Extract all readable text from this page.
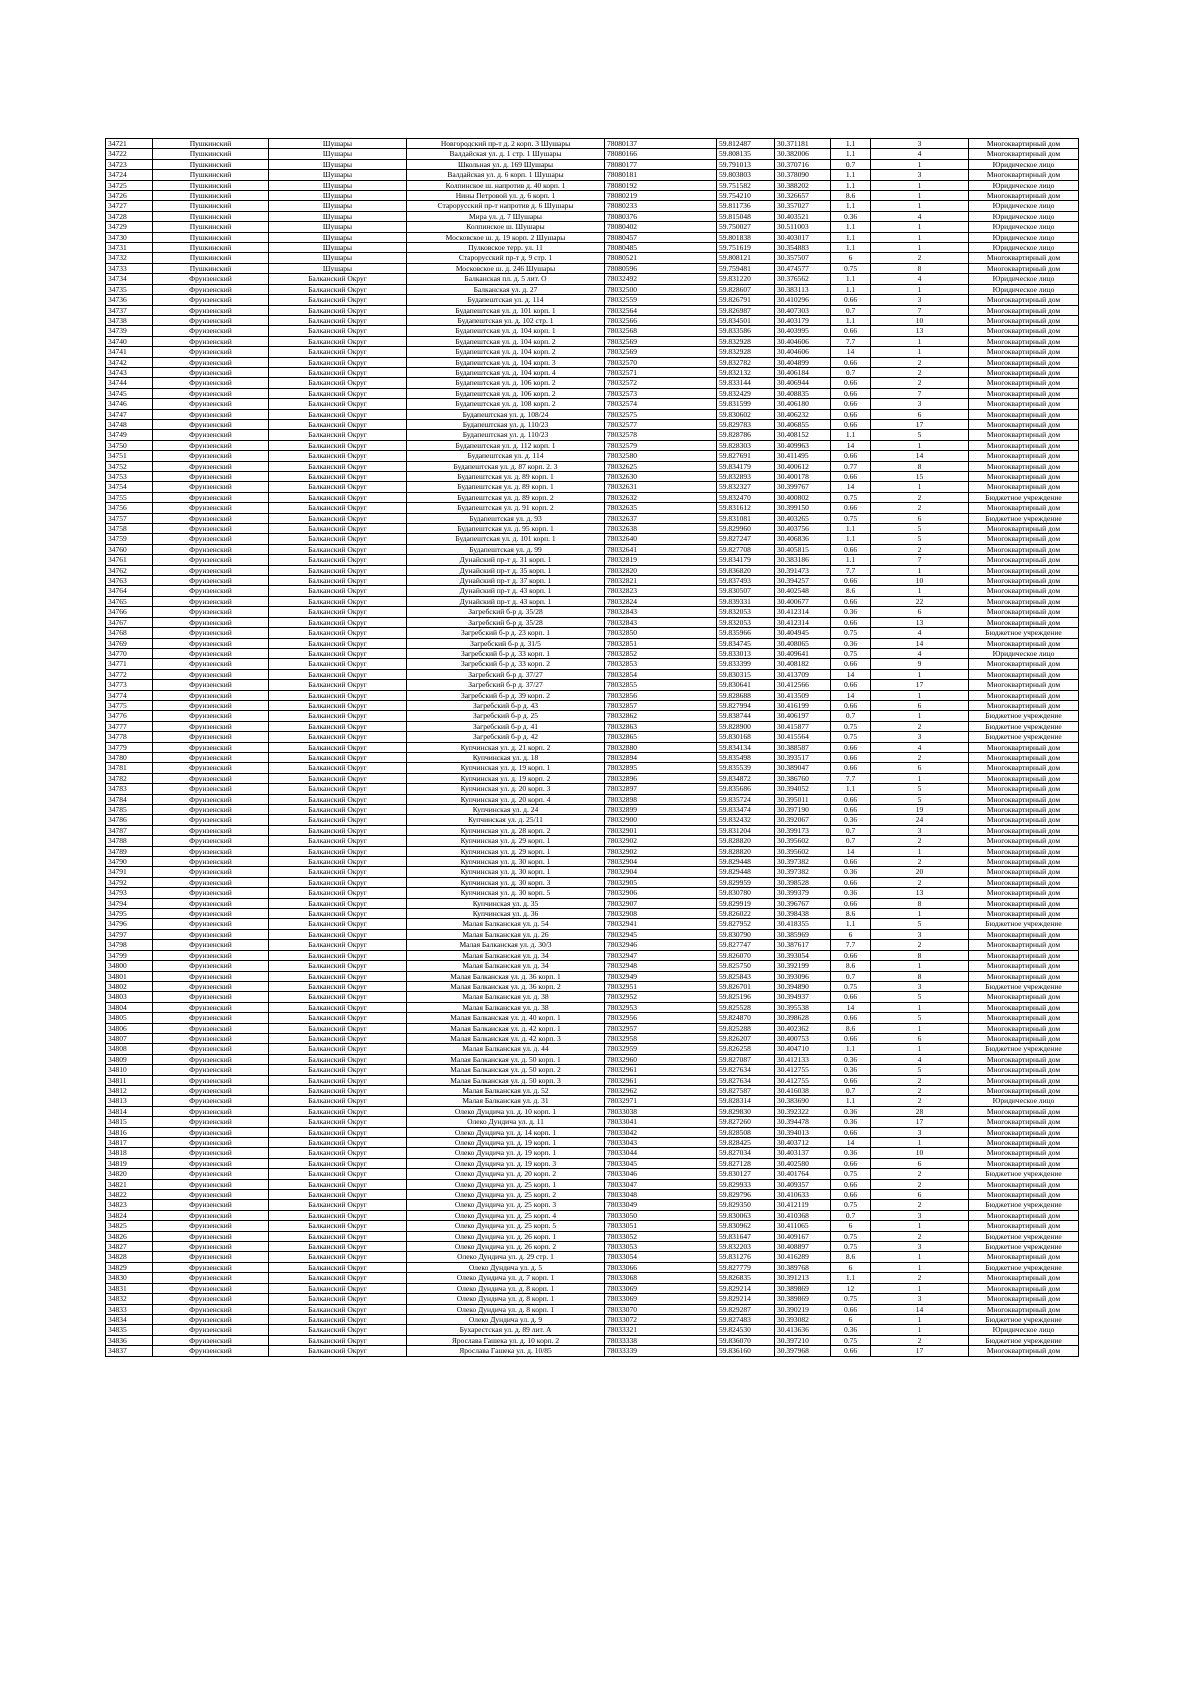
34721	Пушкинский	Шушары	Новгородский пр-т д. 2 корп. 3 Шушары	78080137	59.812487	30.371181	1.1	3	Многоквартирный дом
34722	Пушкинский	Шушары	Валдайская ул. д. 1 стр. 1 Шушары	78080166	59.808135	30.382006	1.1	4	Многоквартирный дом
34723	Пушкинский	Шушары	Школьная ул. д. 169 Шушары	78080177	59.791013	30.370716	0.7	1	Юридическое лицо
34724	Пушкинский	Шушары	Валдайская ул. д. 6 корп. 1 Шушары	78080181	59.803803	30.378090	1.1	3	Многоквартирный дом
34725	Пушкинский	Шушары	Колпинское ш. напротив д. 40 корп. 1	78080192	59.751582	30.388202	1.1	1	Юридическое лицо
34726	Пушкинский	Шушары	Нины Петровой ул. д. 6 корп. 1	78080219	59.754210	30.326657	8.6	1	Многоквартирный дом
34727	Пушкинский	Шушары	Старорусский пр-т напротив д. 6 Шушары	78080233	59.811736	30.357027	1.1	1	Юридическое лицо
34728	Пушкинский	Шушары	Мира ул. д. 7 Шушары	78080376	59.815048	30.403521	0.36	4	Юридическое лицо
34729	Пушкинский	Шушары	Колпинское ш. Шушары	78080402	59.750027	30.511003	1.1	1	Юридическое лицо
34730	Пушкинский	Шушары	Московское ш. д. 19 корп. 2 Шушары	78080457	59.801838	30.403017	1.1	1	Юридическое лицо
34731	Пушкинский	Шушары	Пулковское терр. ул. 11	78080485	59.751619	30.354883	1.1	1	Юридическое лицо
34732	Пушкинский	Шушары	Старорусский пр-т д. 9 стр. 1	78080521	59.808121	30.357507	6	2	Многоквартирный дом
34733	Пушкинский	Шушары	Московское ш. д. 246 Шушары	78080596	59.759481	30.474577	0.75	8	Многоквартирный дом
34734	Фрунзенский	Балканский Округ	Балканская пл. д. 5 лит. О	78032492	59.831220	30.376562	1.1	4	Юридическое лицо
34735	Фрунзенский	Балканский Округ	Балканская ул. д. 27	78032500	59.828607	30.383113	1.1	1	Юридическое лицо
34736	Фрунзенский	Балканский Округ	Будапештская ул. д. 114	78032559	59.826791	30.410296	0.66	3	Многоквартирный дом
34737	Фрунзенский	Балканский Округ	Будапештская ул. д. 101 корп. 1	78032564	59.826987	30.407303	0.7	7	Многоквартирный дом
34738	Фрунзенский	Балканский Округ	Будапештская ул. д. 102 стр. 1	78032566	59.834501	30.403179	1.1	10	Многоквартирный дом
34739	Фрунзенский	Балканский Округ	Будапештская ул. д. 104 корп. 1	78032568	59.833586	30.403995	0.66	13	Многоквартирный дом
34740	Фрунзенский	Балканский Округ	Будапештская ул. д. 104 корп. 2	78032569	59.832928	30.404606	7.7	1	Многоквартирный дом
34741	Фрунзенский	Балканский Округ	Будапештская ул. д. 104 корп. 2	78032569	59.832928	30.404606	14	1	Многоквартирный дом
34742	Фрунзенский	Балканский Округ	Будапештская ул. д. 104 корп. 3	78032570	59.832782	30.404899	0.66	2	Многоквартирный дом
34743	Фрунзенский	Балканский Округ	Будапештская ул. д. 104 корп. 4	78032571	59.832132	30.406184	0.7	2	Многоквартирный дом
34744	Фрунзенский	Балканский Округ	Будапештская ул. д. 106 корп. 2	78032572	59.833144	30.406944	0.66	2	Многоквартирный дом
34745	Фрунзенский	Балканский Округ	Будапештская ул. д. 106 корп. 2	78032573	59.832429	30.408835	0.66	7	Многоквартирный дом
34746	Фрунзенский	Балканский Округ	Будапештская ул. д. 108 корп. 2	78032574	59.831599	30.406180	0.66	3	Многоквартирный дом
34747	Фрунзенский	Балканский Округ	Будапештская ул. д. 108/24	78032575	59.830602	30.406232	0.66	6	Многоквартирный дом
34748	Фрунзенский	Балканский Округ	Будапештская ул. д. 110/23	78032577	59.829783	30.406855	0.66	17	Многоквартирный дом
34749	Фрунзенский	Балканский Округ	Будапештская ул. д. 110/23	78032578	59.828786	30.408152	1.1	5	Многоквартирный дом
34750	Фрунзенский	Балканский Округ	Будапештская ул. д. 112 корп. 1	78032579	59.828303	30.409963	14	1	Многоквартирный дом
34751	Фрунзенский	Балканский Округ	Будапештская ул. д. 114	78032580	59.827691	30.411495	0.66	14	Многоквартирный дом
34752	Фрунзенский	Балканский Округ	Будапештская ул. д. 87 корп. 2. 3	78032625	59.834179	30.400612	0.77	8	Многоквартирный дом
34753	Фрунзенский	Балканский Округ	Будапештская ул. д. 89 корп. 1	78032630	59.832893	30.400178	0.66	15	Многоквартирный дом
34754	Фрунзенский	Балканский Округ	Будапештская ул. д. 89 корп. 1	78032631	59.832327	30.399767	14	1	Многоквартирный дом
34755	Фрунзенский	Балканский Округ	Будапештская ул. д. 89 корп. 2	78032632	59.832470	30.400802	0.75	2	Бюджетное учреждение
34756	Фрунзенский	Балканский Округ	Будапештская ул. д. 91 корп. 2	78032635	59.831612	30.399150	0.66	2	Многоквартирный дом
34757	Фрунзенский	Балканский Округ	Будапештская ул. д. 93	78032637	59.831081	30.403265	0.75	6	Бюджетное учреждение
34758	Фрунзенский	Балканский Округ	Будапештская ул. д. 95 корп. 1	78032638	59.829960	30.403756	1.1	5	Многоквартирный дом
34759	Фрунзенский	Балканский Округ	Будапештская ул. д. 101 корп. 1	78032640	59.827247	30.406836	1.1	5	Многоквартирный дом
34760	Фрунзенский	Балканский Округ	Будапештская ул. д. 99	78032641	59.827708	30.405815	0.66	2	Многоквартирный дом
34761	Фрунзенский	Балканский Округ	Дунайский пр-т д. 31 корп. 1	78032819	59.834179	30.383186	1.1	7	Многоквартирный дом
34762	Фрунзенский	Балканский Округ	Дунайский пр-т д. 35 корп. 1	78032820	59.836820	30.391473	7.7	1	Многоквартирный дом
34763	Фрунзенский	Балканский Округ	Дунайский пр-т д. 37 корп. 1	78032821	59.837493	30.394257	0.66	10	Многоквартирный дом
34764	Фрунзенский	Балканский Округ	Дунайский пр-т д. 43 корп. 1	78032823	59.830507	30.402548	8.6	1	Многоквартирный дом
34765	Фрунзенский	Балканский Округ	Дунайский пр-т д. 43 корп. 1	78032824	59.839331	30.400677	0.66	22	Многоквартирный дом
34766	Фрунзенский	Балканский Округ	Загребский б-р д. 35/28	78032843	59.832053	30.412314	0.36	6	Многоквартирный дом
34767	Фрунзенский	Балканский Округ	Загребский б-р д. 35/28	78032843	59.832053	30.412314	0.66	13	Многоквартирный дом
34768	Фрунзенский	Балканский Округ	Загребский б-р д. 23 корп. 1	78032850	59.835966	30.404945	0.75	4	Бюджетное учреждение
34769	Фрунзенский	Балканский Округ	Загребский б-р д. 31/5	78032851	59.834745	30.408065	0.36	14	Многоквартирный дом
34770	Фрунзенский	Балканский Округ	Загребский б-р д. 33 корп. 1	78032852	59.833013	30.409641	0.75	4	Юридическое лицо
34771	Фрунзенский	Балканский Округ	Загребский б-р д. 33 корп. 2	78032853	59.833399	30.408182	0.66	9	Многоквартирный дом
34772	Фрунзенский	Балканский Округ	Загребский б-р д. 37/27	78032854	59.830315	30.413709	14	1	Многоквартирный дом
34773	Фрунзенский	Балканский Округ	Загребский б-р д. 37/27	78032855	59.830641	30.412566	0.66	17	Многоквартирный дом
34774	Фрунзенский	Балканский Округ	Загребский б-р д. 39 корп. 2	78032856	59.828688	30.413509	14	1	Многоквартирный дом
34775	Фрунзенский	Балканский Округ	Загребский б-р д. 43	78032857	59.827994	30.416199	0.66	6	Многоквартирный дом
34776	Фрунзенский	Балканский Округ	Загребский б-р д. 25	78032862	59.838744	30.406197	0.7	1	Бюджетное учреждение
34777	Фрунзенский	Балканский Округ	Загребский б-р д. 41	78032863	59.828900	30.415877	0.75	2	Бюджетное учреждение
34778	Фрунзенский	Балканский Округ	Загребский б-р д. 42	78032865	59.830168	30.415564	0.75	3	Бюджетное учреждение
34779	Фрунзенский	Балканский Округ	Купчинская ул. д. 21 корп. 2	78032880	59.834134	30.388587	0.66	4	Многоквартирный дом
34780	Фрунзенский	Балканский Округ	Купчинская ул. д. 18	78032894	59.835498	30.393517	0.66	2	Многоквартирный дом
34781	Фрунзенский	Балканский Округ	Купчинская ул. д. 19 корп. 1	78032895	59.835539	30.389047	0.66	6	Многоквартирный дом
34782	Фрунзенский	Балканский Округ	Купчинская ул. д. 19 корп. 2	78032896	59.834872	30.386760	7.7	1	Многоквартирный дом
34783	Фрунзенский	Балканский Округ	Купчинская ул. д. 20 корп. 3	78032897	59.835686	30.394052	1.1	5	Многоквартирный дом
34784	Фрунзенский	Балканский Округ	Купчинская ул. д. 20 корп. 4	78032898	59.835724	30.395011	0.66	5	Многоквартирный дом
34785	Фрунзенский	Балканский Округ	Купчинская ул. д. 24	78032899	59.833474	30.397190	0.66	19	Многоквартирный дом
34786	Фрунзенский	Балканский Округ	Купчинская ул. д. 25/11	78032900	59.832432	30.392067	0.36	24	Многоквартирный дом
34787	Фрунзенский	Балканский Округ	Купчинская ул. д. 28 корп. 2	78032901	59.831204	30.399173	0.7	3	Многоквартирный дом
34788	Фрунзенский	Балканский Округ	Купчинская ул. д. 29 корп. 1	78032902	59.828820	30.395602	0.7	2	Многоквартирный дом
34789	Фрунзенский	Балканский Округ	Купчинская ул. д. 29 корп. 1	78032902	59.828820	30.395602	14	1	Многоквартирный дом
34790	Фрунзенский	Балканский Округ	Купчинская ул. д. 30 корп. 1	78032904	59.829448	30.397382	0.66	2	Многоквартирный дом
34791	Фрунзенский	Балканский Округ	Купчинская ул. д. 30 корп. 1	78032904	59.829448	30.397382	0.36	20	Многоквартирный дом
34792	Фрунзенский	Балканский Округ	Купчинская ул. д. 30 корп. 3	78032905	59.829959	30.398528	0.66	2	Многоквартирный дом
34793	Фрунзенский	Балканский Округ	Купчинская ул. д. 30 корп. 5	78032906	59.830780	30.399379	0.36	13	Многоквартирный дом
34794	Фрунзенский	Балканский Округ	Купчинская ул. д. 35	78032907	59.829919	30.396767	0.66	8	Многоквартирный дом
34795	Фрунзенский	Балканский Округ	Купчинская ул. д. 36	78032908	59.826022	30.398438	8.6	1	Многоквартирный дом
34796	Фрунзенский	Балканский Округ	Малая Балканская ул. д. 54	78032941	59.827952	30.418355	1.1	5	Бюджетное учреждение
34797	Фрунзенский	Балканский Округ	Малая Балканская ул. д. 26	78032945	59.830790	30.385969	6	3	Многоквартирный дом
34798	Фрунзенский	Балканский Округ	Малая Балканская ул. д. 30/3	78032946	59.827747	30.387617	7.7	2	Многоквартирный дом
34799	Фрунзенский	Балканский Округ	Малая Балканская ул. д. 34	78032947	59.826070	30.393054	0.66	8	Многоквартирный дом
34800	Фрунзенский	Балканский Округ	Малая Балканская ул. д. 34	78032948	59.825750	30.392199	8.6	1	Многоквартирный дом
34801	Фрунзенский	Балканский Округ	Малая Балканская ул. д. 36 корп. 1	78032949	59.825843	30.393096	0.7	8	Многоквартирный дом
34802	Фрунзенский	Балканский Округ	Малая Балканская ул. д. 36 корп. 2	78032951	59.826701	30.394890	0.75	3	Бюджетное учреждение
34803	Фрунзенский	Балканский Округ	Малая Балканская ул. д. 38	78032952	59.825196	30.394937	0.66	5	Многоквартирный дом
34804	Фрунзенский	Балканский Округ	Малая Балканская ул. д. 38	78032953	59.825528	30.395538	14	1	Многоквартирный дом
34805	Фрунзенский	Балканский Округ	Малая Балканская ул. д. 40 корп. 1	78032956	59.824870	30.398628	0.66	5	Многоквартирный дом
34806	Фрунзенский	Балканский Округ	Малая Балканская ул. д. 42 корп. 1	78032957	59.825288	30.402362	8.6	1	Многоквартирный дом
34807	Фрунзенский	Балканский Округ	Малая Балканская ул. д. 42 корп. 3	78032958	59.826207	30.400753	0.66	6	Многоквартирный дом
34808	Фрунзенский	Балканский Округ	Малая Балканская ул. д. 44	78032959	59.826258	30.404710	1.1	1	Бюджетное учреждение
34809	Фрунзенский	Балканский Округ	Малая Балканская ул. д. 50 корп. 1	78032960	59.827087	30.412133	0.36	4	Многоквартирный дом
34810	Фрунзенский	Балканский Округ	Малая Балканская ул. д. 50 корп. 2	78032961	59.827634	30.412755	0.36	5	Многоквартирный дом
34811	Фрунзенский	Балканский Округ	Малая Балканская ул. д. 50 корп. 3	78032961	59.827634	30.412755	0.66	2	Многоквартирный дом
34812	Фрунзенский	Балканский Округ	Малая Балканская ул. д. 52	78032962	59.827587	30.416038	0.7	2	Многоквартирный дом
34813	Фрунзенский	Балканский Округ	Малая Балканская ул. д. 31	78032971	59.828314	30.383690	1.1	2	Юридическое лицо
34814	Фрунзенский	Балканский Округ	Олеко Дундича ул. д. 10 корп. 1	78033038	59.829830	30.392322	0.36	28	Многоквартирный дом
34815	Фрунзенский	Балканский Округ	Олеко Дундича ул. д. 11	78033041	59.827260	30.394478	0.36	17	Многоквартирный дом
34816	Фрунзенский	Балканский Округ	Олеко Дундича ул. д. 14 корп. 1	78033042	59.828508	30.394013	0.66	3	Многоквартирный дом
34817	Фрунзенский	Балканский Округ	Олеко Дундича ул. д. 19 корп. 1	78033043	59.828425	30.403712	14	1	Многоквартирный дом
34818	Фрунзенский	Балканский Округ	Олеко Дундича ул. д. 19 корп. 1	78033044	59.827034	30.403137	0.36	10	Многоквартирный дом
34819	Фрунзенский	Балканский Округ	Олеко Дундича ул. д. 19 корп. 3	78033045	59.827128	30.402580	0.66	6	Многоквартирный дом
34820	Фрунзенский	Балканский Округ	Олеко Дундича ул. д. 20 корп. 2	78033046	59.830127	30.401764	0.75	2	Бюджетное учреждение
34821	Фрунзенский	Балканский Округ	Олеко Дундича ул. д. 25 корп. 1	78033047	59.829933	30.409357	0.66	2	Многоквартирный дом
34822	Фрунзенский	Балканский Округ	Олеко Дундича ул. д. 25 корп. 2	78033048	59.829796	30.410633	0.66	6	Многоквартирный дом
34823	Фрунзенский	Балканский Округ	Олеко Дундича ул. д. 25 корп. 3	78033049	59.829350	30.412119	0.75	2	Бюджетное учреждение
34824	Фрунзенский	Балканский Округ	Олеко Дундича ул. д. 25 корп. 4	78033050	59.830063	30.410368	0.7	3	Многоквартирный дом
34825	Фрунзенский	Балканский Округ	Олеко Дундича ул. д. 25 корп. 5	78033051	59.830962	30.411065	6	1	Многоквартирный дом
34826	Фрунзенский	Балканский Округ	Олеко Дундича ул. д. 26 корп. 1	78033052	59.831647	30.409167	0.75	2	Бюджетное учреждение
34827	Фрунзенский	Балканский Округ	Олеко Дундича ул. д. 26 корп. 2	78033053	59.832203	30.408897	0.75	3	Бюджетное учреждение
34828	Фрунзенский	Балканский Округ	Олеко Дундича ул. д. 29 стр. 1	78033054	59.831276	30.416289	8.6	1	Многоквартирный дом
34829	Фрунзенский	Балканский Округ	Олеко Дундича ул. д. 5	78033066	59.827779	30.389768	6	1	Бюджетное учреждение
34830	Фрунзенский	Балканский Округ	Олеко Дундича ул. д. 7 корп. 1	78033068	59.826835	30.391213	1.1	2	Многоквартирный дом
34831	Фрунзенский	Балканский Округ	Олеко Дундича ул. д. 8 корп. 1	78033069	59.829214	30.389869	12	1	Многоквартирный дом
34832	Фрунзенский	Балканский Округ	Олеко Дундича ул. д. 8 корп. 1	78033069	59.829214	30.389869	0.75	3	Многоквартирный дом
34833	Фрунзенский	Балканский Округ	Олеко Дундича ул. д. 8 корп. 1	78033070	59.829287	30.390219	0.66	14	Многоквартирный дом
34834	Фрунзенский	Балканский Округ	Олеко Дундича ул. д. 9	78033072	59.827483	30.393082	6	1	Бюджетное учреждение
34835	Фрунзенский	Балканский Округ	Бухарестская ул. д. 89 лит. А	78033321	59.824530	30.413636	0.36	1	Юридическое лицо
34836	Фрунзенский	Балканский Округ	Ярослава Гашека ул. д. 10 корп. 2	78033338	59.836070	30.397210	0.75	2	Бюджетное учреждение
34837	Фрунзенский	Балканский Округ	Ярослава Гашека ул. д. 10/85	78033339	59.836160	30.397968	0.66	17	Многоквартирный дом
